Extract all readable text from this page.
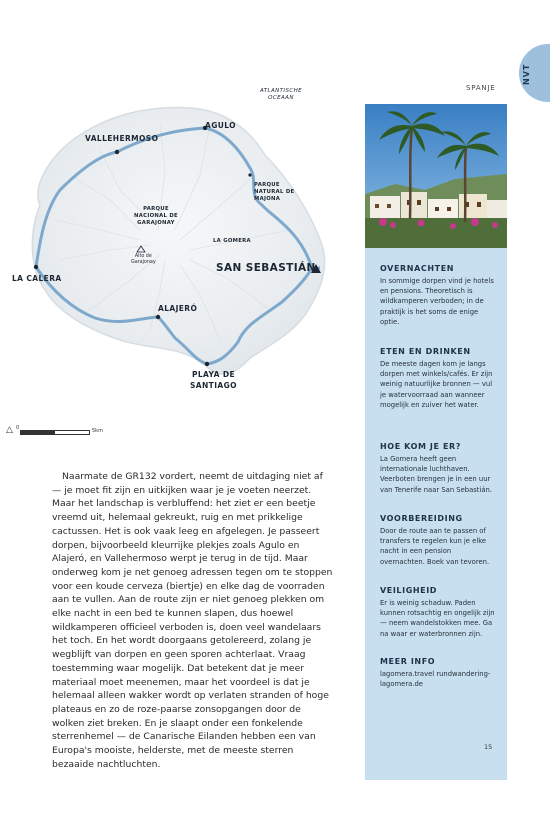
NVT
SPANJE
ATLANTISCHE
OCEAAN
VALLEHERMOSO
AGULO
LA CALERA
SAN SEBASTIÁN
ALAJERÓ
PLAYA DE
SANTIAGO
PARQUE
NACIONAL DE
GARAJONAY
PARQUE
NATURAL DE
MAJONA
Alto de
Garajonay
LA GOMERA
△ 0	5km

Naarmate de GR132 vordert, neemt de uitdaging niet af — je moet fit zijn en uitkijken waar je je voeten neerzet. Maar het landschap is verbluffend: het ziet er een beetje vreemd uit, helemaal gekreukt, ruig en met prikkelige cactussen. Het is ook vaak leeg en afgelegen. Je passeert dorpen, bijvoorbeeld kleurrijke plekjes zoals Agulo en Alajeró, en Vallehermoso werpt je terug in de tijd. Maar onderweg kom je net genoeg adressen tegen om te stoppen voor een koude cerveza (biertje) en elke dag de voorraden aan te vullen. Aan de route zijn er niet genoeg plekken om elke nacht in een bed te kunnen slapen, dus hoewel wildkamperen officieel verboden is, doen veel wandelaars het toch. En het wordt doorgaans getolereerd, zolang je wegblijft van dorpen en geen sporen achterlaat. Vraag toestemming waar mogelijk. Dat betekent dat je meer materiaal moet meenemen, maar het voordeel is dat je helemaal alleen wakker wordt op verlaten stranden of hoge plateaus en zo de roze-paarse zonsopgangen door de wolken ziet breken. En je slaapt onder een fonkelende sterrenhemel — de Canarische Eilanden hebben een van Europa's mooiste, helderste, met de meeste sterren bezaaide nachtluchten.

OVERNACHTEN

In sommige dorpen vind je hotels en pensions. Theoretisch is wildkamperen verboden; in de praktijk is het soms de enige optie.

ETEN EN DRINKEN

De meeste dagen kom je langs dorpen met winkels/cafés. Er zijn weinig natuurlijke bronnen — vul je watervoorraad aan wanneer mogelijk en zuiver het water.

HOE KOM JE ER?

La Gomera heeft geen internationale luchthaven. Veerboten brengen je in een uur van Tenerife naar San Sebastián.

VOORBEREIDING

Door de route aan te passen of transfers te regelen kun je elke nacht in een pension overnachten. Boek van tevoren.

VEILIGHEID

Er is weinig schaduw. Paden kunnen rotsachtig en ongelijk zijn — neem wandelstokken mee. Ga na waar er waterbronnen zijn.

MEER INFO

lagomera.travel rundwandering-lagomera.de

15
